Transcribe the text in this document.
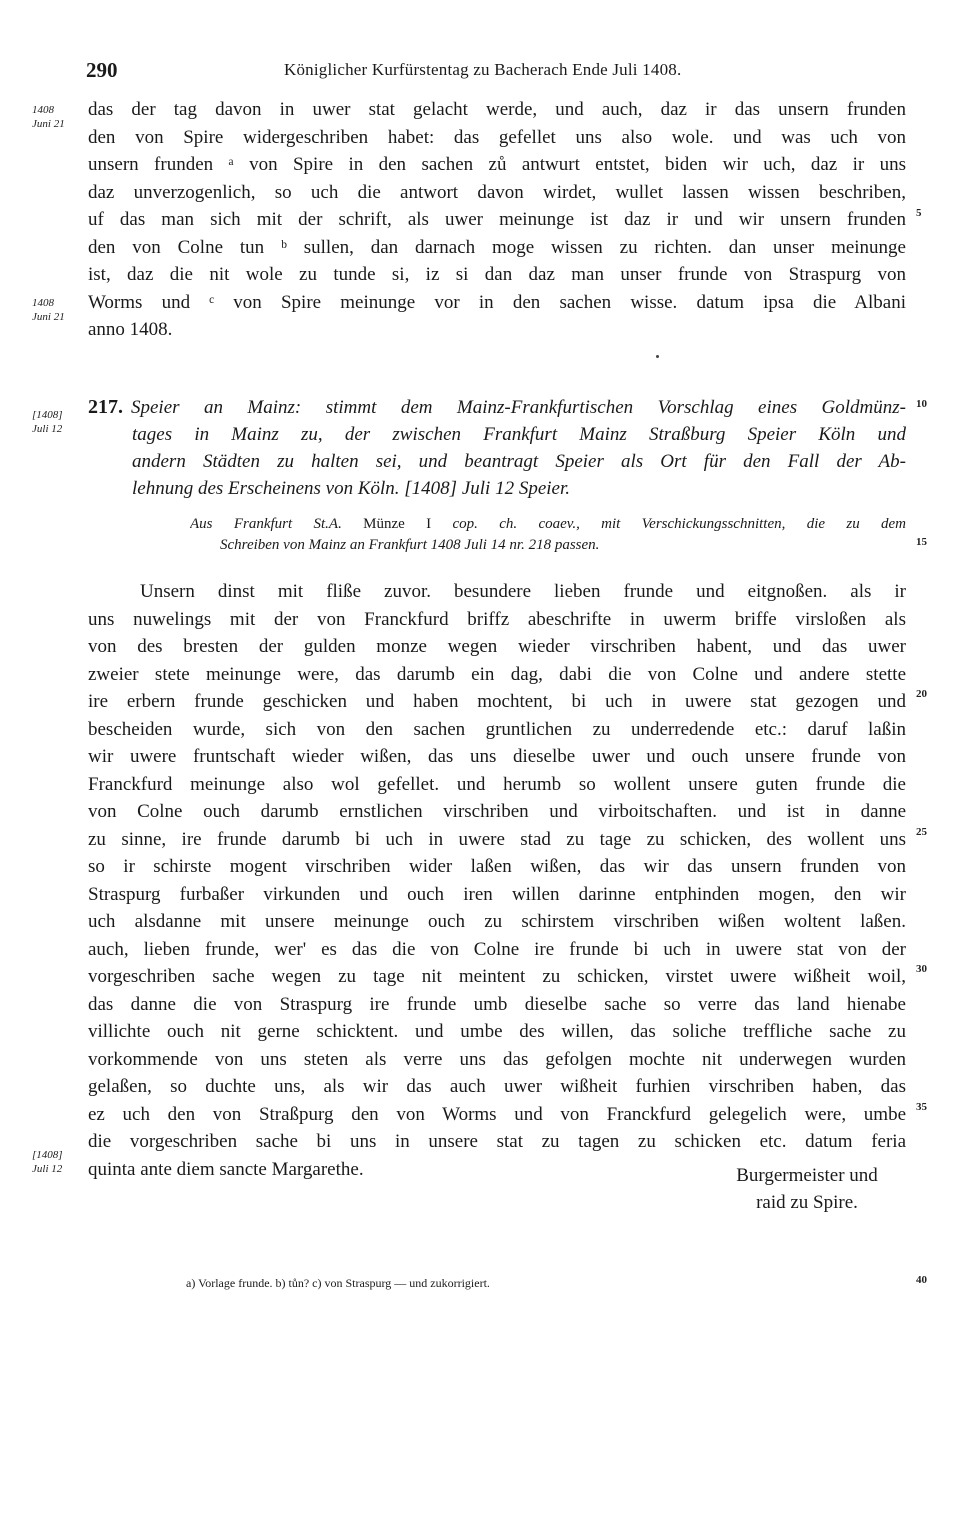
290	Königlicher Kurfürstentag zu Bacherach Ende Juli 1408.
1408
Juni 21
1408
Juni 21
5
das der tag davon in uwer stat gelacht werde, und auch, daz ir das unsern frunden
den von Spire widergeschriben habet: das gefellet uns also wole. und was uch von
unsern frunden ᵃ von Spire in den sachen zů antwurt entstet, biden wir uch, daz ir uns
daz unverzogenlich, so uch die antwort davon wirdet, wullet lassen wissen beschriben,
uf das man sich mit der schrift, als uwer meinunge ist daz ir und wir unsern frunden
den von Colne tun ᵇ sullen, dan darnach moge wissen zu richten. dan unser meinunge
ist, daz die nit wole zu tunde si, iz si dan daz man unser frunde von Straspurg von
Worms und ᶜ von Spire meinunge vor in den sachen wisse. datum ipsa die Albani
anno 1408.
[1408]
Juli 12
10
217. Speier an Mainz: stimmt dem Mainz-Frankfurtischen Vorschlag eines Goldmünz-
tages in Mainz zu, der zwischen Frankfurt Mainz Straßburg Speier Köln und
andern Städten zu halten sei, und beantragt Speier als Ort für den Fall der Ab-
lehnung des Erscheinens von Köln. [1408] Juli 12 Speier.
Aus Frankfurt St.A. Münze I cop. ch. coaev., mit Verschickungsschnitten, die zu dem
Schreiben von Mainz an Frankfurt 1408 Juli 14 nr. 218 passen.	15
Unsern dinst mit fliße zuvor. besundere lieben frunde und eitgnoßen. als ir
uns nuwelings mit der von Franckfurd briffz abeschrifte in uwerm briffe virsloßen als
von des bresten der gulden monze wegen wieder virschriben habent, und das uwer
zweier stete meinunge were, das darumb ein dag, dabi die von Colne und andere stette
ire erbern frunde geschicken und haben mochtent, bi uch in uwere stat gezogen und
bescheiden wurde, sich von den sachen gruntlichen zu underredende etc.: daruf laßin
wir uwere fruntschaft wieder wißen, das uns dieselbe uwer und ouch unsere frunde von
Franckfurd meinunge also wol gefellet. und herumb so wollent unsere guten frunde die
von Colne ouch darumb ernstlichen virschriben und virboitschaften. und ist in danne
zu sinne, ire frunde darumb bi uch in uwere stad zu tage zu schicken, des wollent uns
so ir schirste mogent virschriben wider laßen wißen, das wir das unsern frunden von
Straspurg furbaßer virkunden und ouch iren willen darinne entphinden mogen, den wir
uch alsdanne mit unsere meinunge ouch zu schirstem virschriben wißen woltent laßen.
auch, lieben frunde, wer' es das die von Colne ire frunde bi uch in uwere stat von der
vorgeschriben sache wegen zu tage nit meintent zu schicken, virstet uwere wißheit woil,
das danne die von Straspurg ire frunde umb dieselbe sache so verre das land hienabe
villichte ouch nit gerne schicktent. und umbe des willen, das soliche treffliche sache zu
vorkommende von uns steten als verre uns das gefolgen mochte nit underwegen wurden
gelaßen, so duchte uns, als wir das auch uwer wißheit furhien virschriben haben, das
ez uch den von Straßpurg den von Worms und von Franckfurd gelegelich were, umbe
die vorgeschriben sache bi uns in unsere stat zu tagen zu schicken etc. datum feria
quinta ante diem sancte Margarethe.
[1408]
Juli 12
20
25
30
35
40
Burgermeister und
raid zu Spire.
a) Vorlage frunde. b) tůn? c) von Straspurg — und zukorrigiert.
